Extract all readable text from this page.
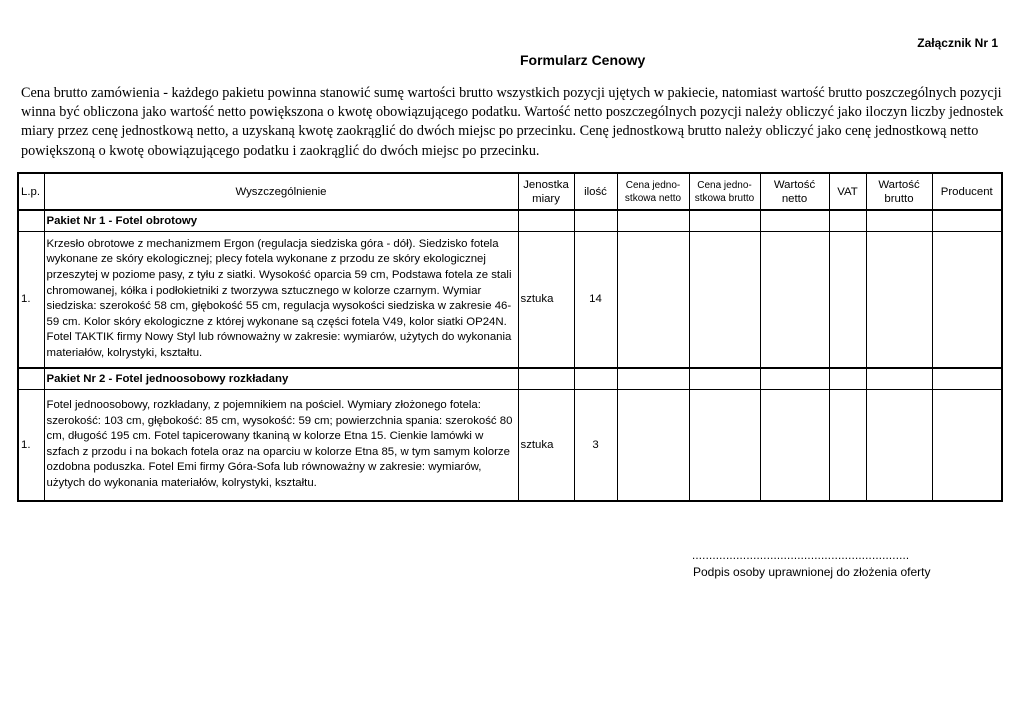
Załącznik Nr 1
Formularz Cenowy
Cena brutto zamówienia - każdego pakietu powinna stanowić sumę wartości brutto wszystkich pozycji ujętych w pakiecie, natomiast wartość brutto poszczególnych pozycji winna być obliczona jako wartość netto powiększona o kwotę obowiązującego podatku. Wartość netto poszczególnych pozycji należy obliczyć jako iloczyn liczby jednostek miary przez cenę jednostkową netto, a uzyskaną kwotę zaokrąglić do dwóch miejsc po przecinku. Cenę jednostkową brutto należy obliczyć jako cenę jednostkową netto powiększoną o kwotę obowiązującego podatku i zaokrąglić do dwóch miejsc po przecinku.
L.p.	Wyszczególnienie	Jenostka miary	ilość	Cena jedno-stkowa netto	Cena jedno-stkowa brutto	Wartość netto	VAT	Wartość brutto	Producent
	Pakiet Nr 1 - Fotel obrotowy								
1.	Krzesło obrotowe z mechanizmem Ergon (regulacja siedziska góra - dół). Siedzisko fotela wykonane ze skóry ekologicznej; plecy fotela wykonane z przodu ze skóry ekologicznej przeszytej w poziome pasy, z tyłu z siatki. Wysokość oparcia 59 cm, Podstawa fotela ze stali chromowanej, kółka i podłokietniki z tworzywa sztucznego w kolorze czarnym. Wymiar siedziska: szerokość 58 cm, głębokość 55 cm, regulacja wysokości siedziska w zakresie 46-59 cm. Kolor skóry ekologiczne z której wykonane są części fotela V49, kolor siatki OP24N. Fotel TAKTIK firmy Nowy Styl lub równoważny w zakresie: wymiarów, użytych do wykonania materiałów, kolrystyki, kształtu.	sztuka	14						
	Pakiet Nr 2 - Fotel jednoosobowy rozkładany								
1.	Fotel jednoosobowy, rozkładany, z pojemnikiem na pościel. Wymiary złożonego fotela: szerokość: 103 cm, głębokość: 85 cm, wysokość: 59 cm; powierzchnia spania: szerokość 80 cm, długość 195 cm. Fotel tapicerowany tkaniną w kolorze Etna 15. Cienkie lamówki w szfach z przodu i na bokach fotela oraz na oparciu w kolorze Etna 85, w tym samym kolorze ozdobna poduszka. Fotel Emi firmy Góra-Sofa lub równoważny w zakresie: wymiarów, użytych do wykonania materiałów, kolrystyki, kształtu.	sztuka	3						
................................................................
Podpis osoby uprawnionej do złożenia oferty
